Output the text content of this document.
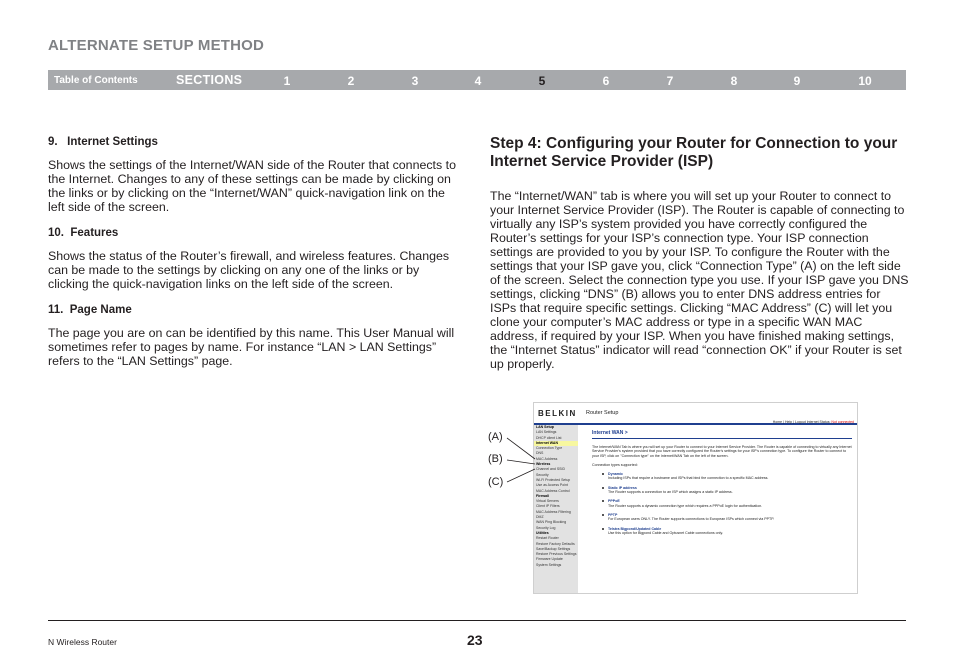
ALTERNATE SETUP METHOD
Table of Contents	SECTIONS	1	2	3	4	5	6	7	8	9	10
9.   Internet Settings

Shows the settings of the Internet/WAN side of the Router that connects to the Internet. Changes to any of these settings can be made by clicking on the links or by clicking on the “Internet/WAN” quick-navigation link on the left side of the screen.

10.  Features

Shows the status of the Router’s firewall, and wireless features. Changes can be made to the settings by clicking on any one of the links or by clicking the quick-navigation links on the left side of the screen.

11.  Page Name

The page you are on can be identified by this name. This User Manual will sometimes refer to pages by name. For instance “LAN > LAN Settings” refers to the “LAN Settings” page.

Step 4: Configuring your Router for Connection to your Internet Service Provider (ISP)

The “Internet/WAN” tab is where you will set up your Router to connect to your Internet Service Provider (ISP). The Router is capable of connecting to virtually any ISP’s system provided you have correctly configured the Router’s settings for your ISP’s connection type. Your ISP connection settings are provided to you by your ISP. To configure the Router with the settings that your ISP gave you, click “Connection Type” (A) on the left side of the screen. Select the connection type you use. If your ISP gave you DNS settings, clicking “DNS” (B) allows you to enter DNS address entries for ISPs that require specific settings. Clicking “MAC Address” (C) will let you clone your computer’s MAC address or type in a specific WAN MAC address, if required by your ISP. When you have finished making settings, the “Internet Status” indicator will read “connection OK” if your Router is set up properly.

BELKIN Router Setup
Home | Help | Logout Internet Status: Not connected
LAN Setup
LAN Settings
DHCP client List
Internet WAN
Connection Type
DNS
MAC Address
Wireless
Channel and SSID
Security
Wi-Fi Protected Setup
Use as Access Point
MAC Address Control
Firewall
Virtual Servers
Client IP Filters
MAC Address Filtering
DMZ
WAN Ping Blocking
Security Log
Utilities
Restart Router
Restore Factory Defaults
Save/Backup Settings
Restore Previous Settings
Firmware Update
System Settings
Internet WAN >
The Internet/WAN Tab is where you will set up your Router to connect to your Internet Service Provider. The Router is capable of connecting to virtually any Internet Service Provider's system provided that you have correctly configured the Router's settings for your ISP's connection type. To configure the Router to connect to your ISP, click on "Connection type" on the Internet/WAN Tab on the left of the screen.
Connection types supported:
Dynamic
Including ISPs that require a hostname and ISPs that bind the connection to a specific MAC address.
Static IP address
The Router supports a connection to an ISP which assigns a static IP address.
PPPoE
The Router supports a dynamic connection type which requires a PPPoE login for authentication.
PPTP
For European users ONLY. The Router supports connections to European ISPs which connect via PPTP.
Telstra Bigpond/Updated Cable
Use this option for Bigpond Cable and Optusnet Cable connections only.
(A)
(B)
(C)
N Wireless Router	23
